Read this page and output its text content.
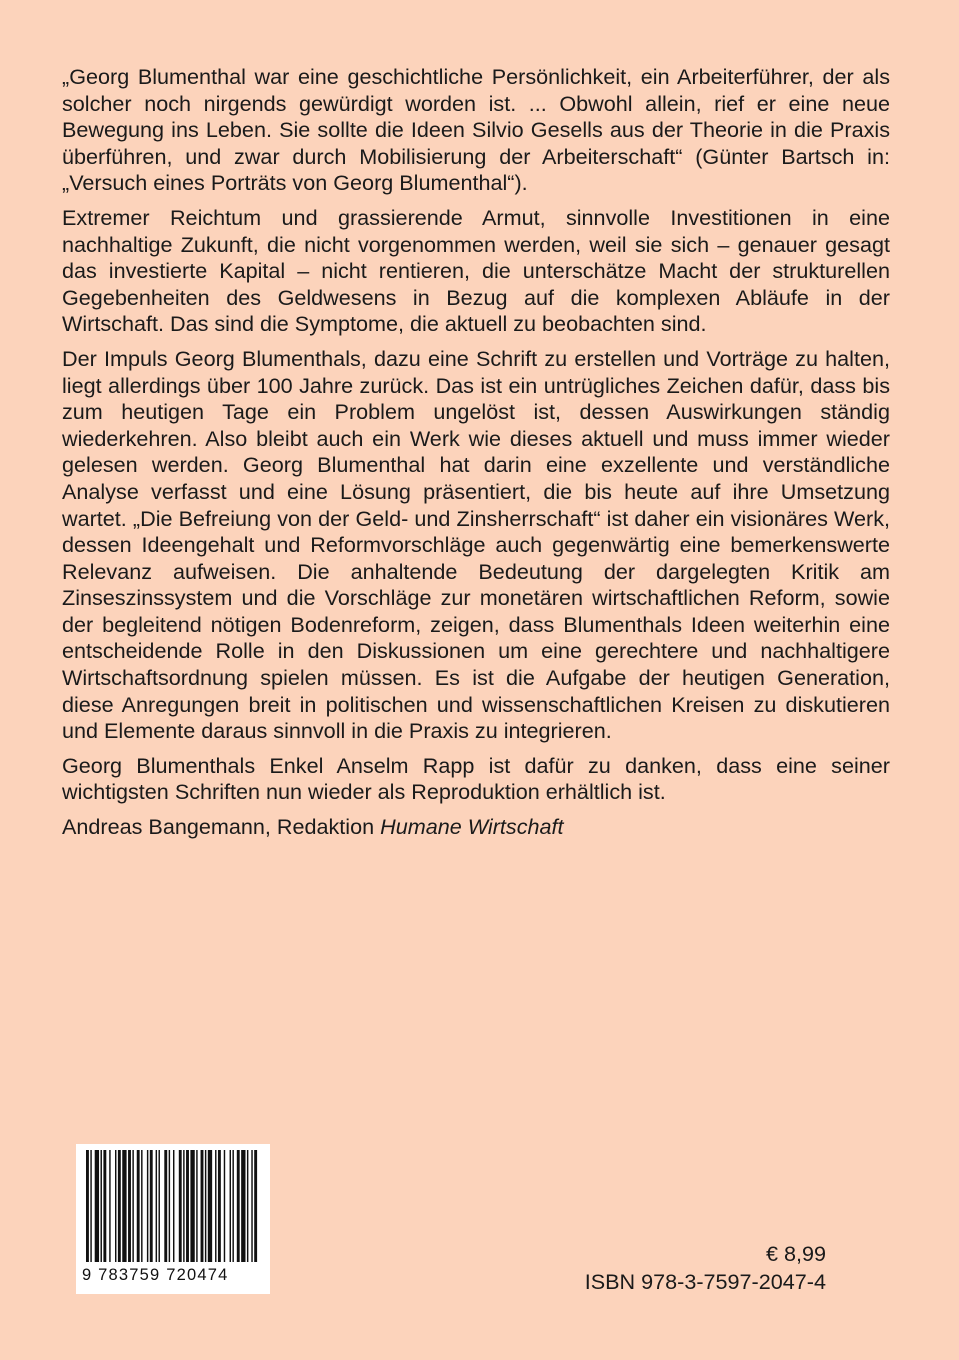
„Georg Blumenthal war eine geschichtliche Persönlichkeit, ein Arbeiterführer, der als solcher noch nirgends gewürdigt worden ist. ... Obwohl allein, rief er eine neue Bewegung ins Leben. Sie sollte die Ideen Silvio Gesells aus der Theorie in die Praxis überführen, und zwar durch Mobilisierung der Arbeiterschaft“ (Günter Bartsch in: „Versuch eines Porträts von Georg Blumenthal“).

Extremer Reichtum und grassierende Armut, sinnvolle Investitionen in eine nachhaltige Zukunft, die nicht vorgenommen werden, weil sie sich – genauer gesagt das investierte Kapital – nicht rentieren, die unterschätze Macht der strukturellen Gegebenheiten des Geldwesens in Bezug auf die komplexen Abläufe in der Wirtschaft. Das sind die Symptome, die aktuell zu beobachten sind.

Der Impuls Georg Blumenthals, dazu eine Schrift zu erstellen und Vorträge zu halten, liegt allerdings über 100 Jahre zurück. Das ist ein untrügliches Zeichen dafür, dass bis zum heutigen Tage ein Problem ungelöst ist, dessen Auswirkungen ständig wiederkehren. Also bleibt auch ein Werk wie dieses aktuell und muss immer wieder gelesen werden. Georg Blumenthal hat darin eine exzellente und verständliche Analyse verfasst und eine Lösung präsentiert, die bis heute auf ihre Umsetzung wartet. „Die Befreiung von der Geld- und Zinsherrschaft“ ist daher ein visionäres Werk, dessen Ideengehalt und Reformvorschläge auch gegenwärtig eine bemerkenswerte Relevanz aufweisen. Die anhaltende Bedeutung der dargelegten Kritik am Zinseszinssystem und die Vorschläge zur monetären wirtschaftlichen Reform, sowie der begleitend nötigen Bodenreform, zeigen, dass Blumenthals Ideen weiterhin eine entscheidende Rolle in den Diskussionen um eine gerechtere und nachhaltigere Wirtschaftsordnung spielen müssen. Es ist die Aufgabe der heutigen Generation, diese Anregungen breit in politischen und wissenschaftlichen Kreisen zu diskutieren und Elemente daraus sinnvoll in die Praxis zu integrieren.

Georg Blumenthals Enkel Anselm Rapp ist dafür zu danken, dass eine seiner wichtigsten Schriften nun wieder als Reproduktion erhältlich ist.

Andreas Bangemann, Redaktion Humane Wirtschaft

9 783759 720474
€ 8,99
ISBN 978-3-7597-2047-4
